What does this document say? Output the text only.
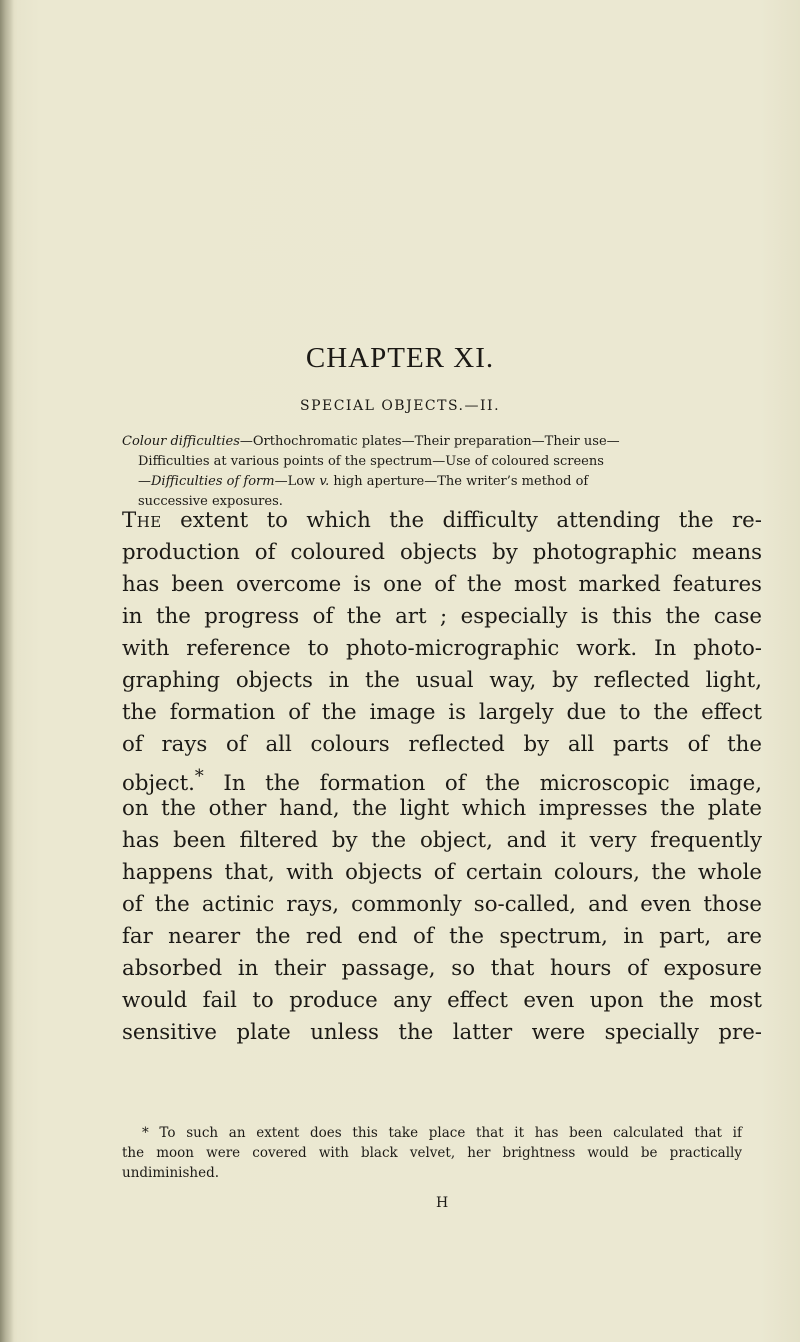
CHAPTER XI.
SPECIAL OBJECTS.—II.
Colour difficulties—Orthochromatic plates—Their preparation—Their use—
Difficulties at various points of the spectrum—Use of coloured screens
—Difficulties of form—Low v. high aperture—The writer’s method of
successive exposures.
The extent to which the difficulty attending the re-
production of coloured objects by photographic means
has been overcome is one of the most marked features
in the progress of the art ; especially is this the case
with reference to photo-micrographic work. In photo-
graphing objects in the usual way, by reflected light,
the formation of the image is largely due to the effect
of rays of all colours reflected by all parts of the
object.* In the formation of the microscopic image,
on the other hand, the light which impresses the plate
has been filtered by the object, and it very frequently
happens that, with objects of certain colours, the whole
of the actinic rays, commonly so-called, and even those
far nearer the red end of the spectrum, in part, are
absorbed in their passage, so that hours of exposure
would fail to produce any effect even upon the most
sensitive plate unless the latter were specially pre-
* To such an extent does this take place that it has been calculated that if
the moon were covered with black velvet, her brightness would be practically
undiminished.
H
